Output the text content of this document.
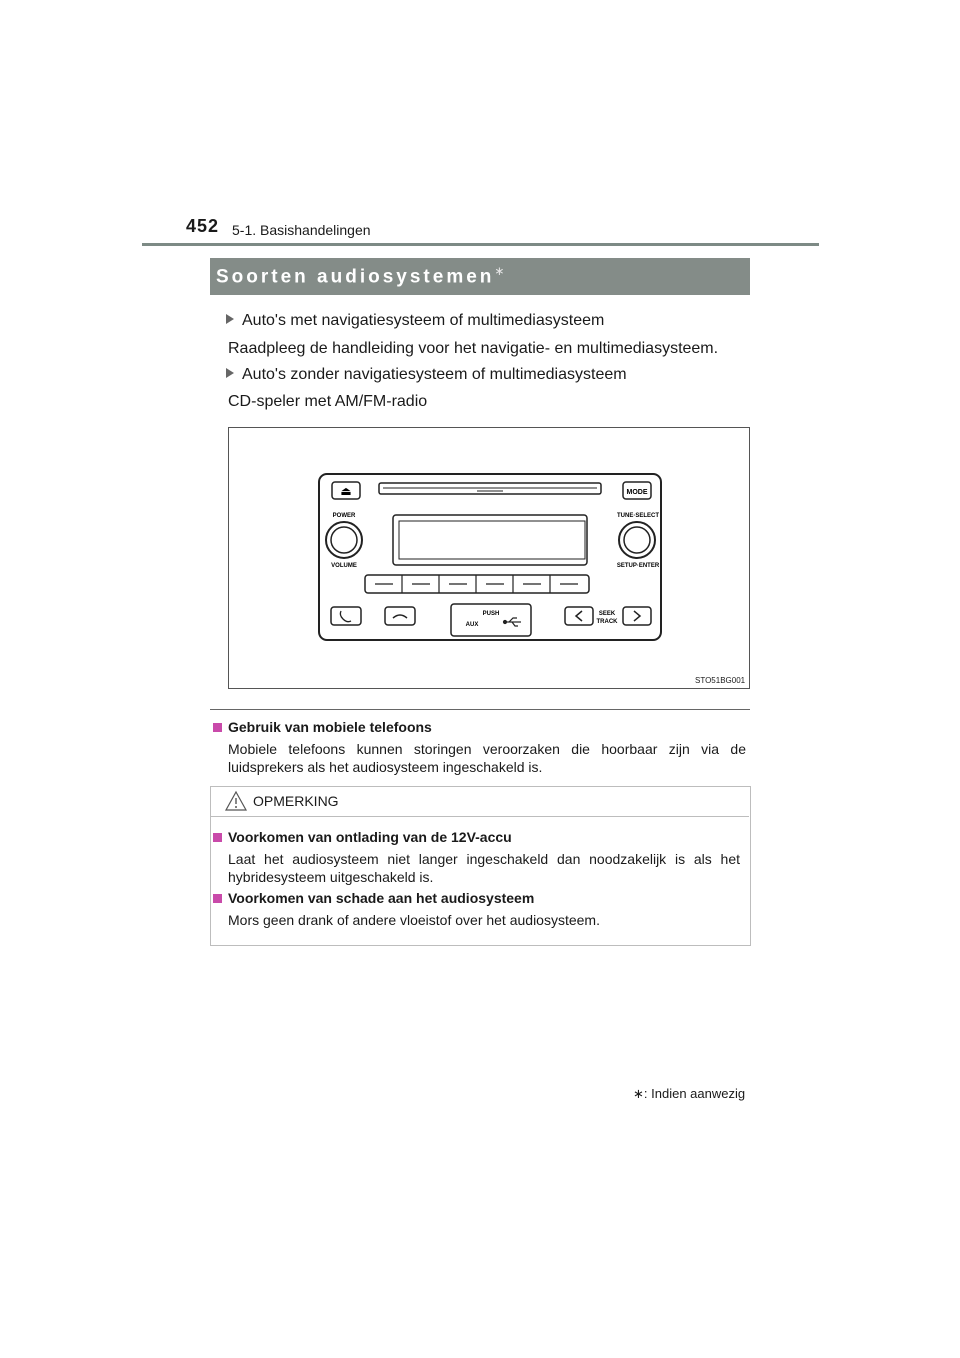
452 5-1. Basishandelingen
Soorten audiosystemen∗
Auto's met navigatiesysteem of multimediasysteem
Raadpleeg de handleiding voor het navigatie- en multimediasysteem.
Auto's zonder navigatiesysteem of multimediasysteem
CD-speler met AM/FM-radio
⏏	MODE
POWER
VOLUME
TUNE·SELECT
SETUP·ENTER
PUSH
AUX
SEEK
TRACK
STO51BG001
Gebruik van mobiele telefoons
Mobiele telefoons kunnen storingen veroorzaken die hoorbaar zijn via de luidsprekers als het audiosysteem ingeschakeld is.
OPMERKING
Voorkomen van ontlading van de 12V-accu
Laat het audiosysteem niet langer ingeschakeld dan noodzakelijk is als het hybridesysteem uitgeschakeld is.
Voorkomen van schade aan het audiosysteem
Mors geen drank of andere vloeistof over het audiosysteem.
∗: Indien aanwezig
